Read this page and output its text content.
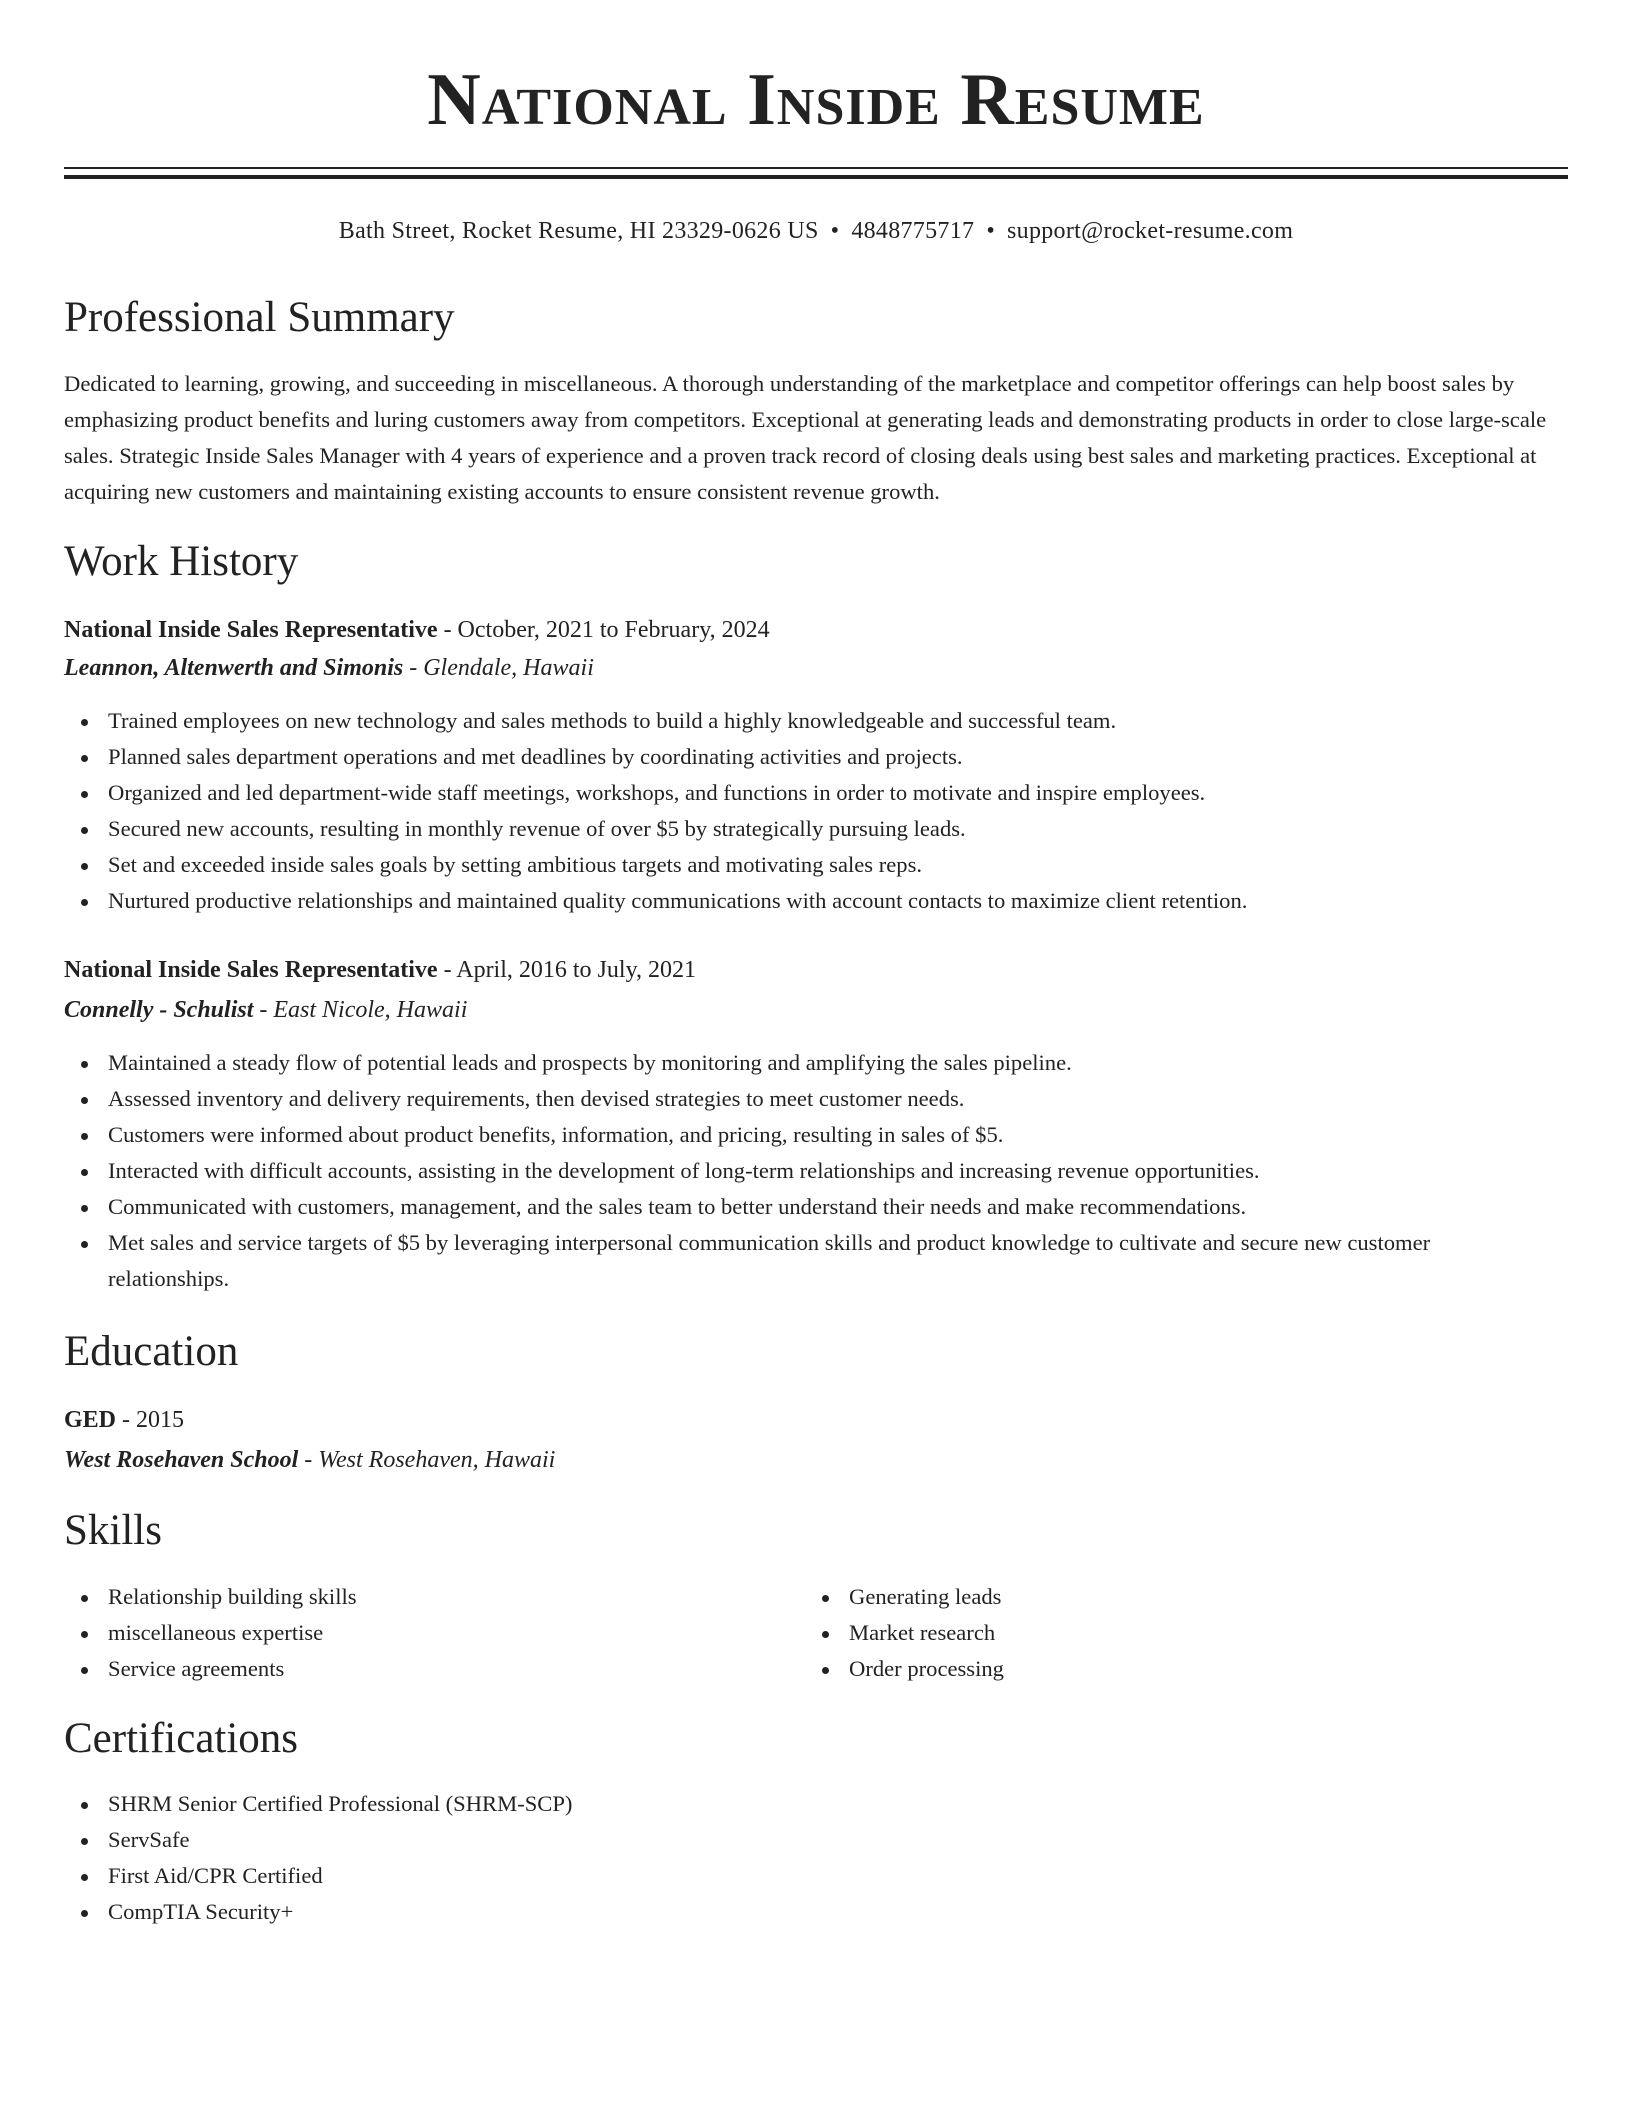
National Inside Resume
Bath Street, Rocket Resume, HI 23329-0626 US • 4848775717 • support@rocket-resume.com
Professional Summary

Dedicated to learning, growing, and succeeding in miscellaneous. A thorough understanding of the marketplace and competitor offerings can help boost sales by emphasizing product benefits and luring customers away from competitors. Exceptional at generating leads and demonstrating products in order to close large-scale sales. Strategic Inside Sales Manager with 4 years of experience and a proven track record of closing deals using best sales and marketing practices. Exceptional at acquiring new customers and maintaining existing accounts to ensure consistent revenue growth.

Work History
National Inside Sales Representative - October, 2021 to February, 2024
Leannon, Altenwerth and Simonis - Glendale, Hawaii
Trained employees on new technology and sales methods to build a highly knowledgeable and successful team.
Planned sales department operations and met deadlines by coordinating activities and projects.
Organized and led department-wide staff meetings, workshops, and functions in order to motivate and inspire employees.
Secured new accounts, resulting in monthly revenue of over $5 by strategically pursuing leads.
Set and exceeded inside sales goals by setting ambitious targets and motivating sales reps.
Nurtured productive relationships and maintained quality communications with account contacts to maximize client retention.
National Inside Sales Representative - April, 2016 to July, 2021
Connelly - Schulist - East Nicole, Hawaii
Maintained a steady flow of potential leads and prospects by monitoring and amplifying the sales pipeline.
Assessed inventory and delivery requirements, then devised strategies to meet customer needs.
Customers were informed about product benefits, information, and pricing, resulting in sales of $5.
Interacted with difficult accounts, assisting in the development of long-term relationships and increasing revenue opportunities.
Communicated with customers, management, and the sales team to better understand their needs and make recommendations.
Met sales and service targets of $5 by leveraging interpersonal communication skills and product knowledge to cultivate and secure new customer relationships.
Education
GED - 2015
West Rosehaven School - West Rosehaven, Hawaii
Skills
Relationship building skills
miscellaneous expertise
Service agreements
Generating leads
Market research
Order processing
Certifications
SHRM Senior Certified Professional (SHRM-SCP)
ServSafe
First Aid/CPR Certified
CompTIA Security+
